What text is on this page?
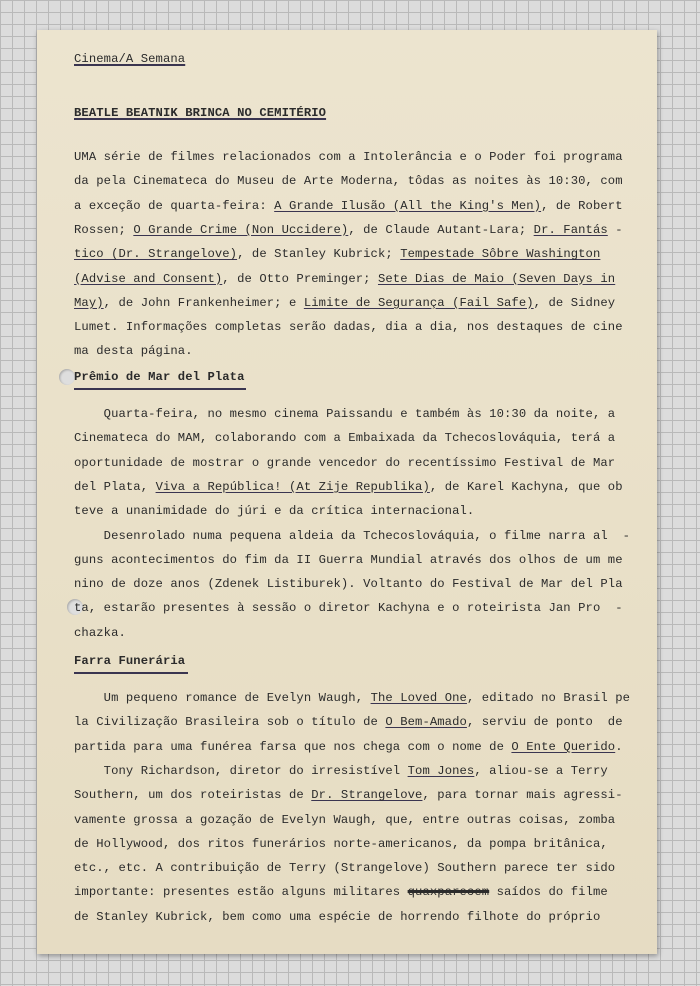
Cinema/A Semana
BEATLE BEATNIK BRINCA NO CEMITÉRIO
UMA série de filmes relacionados com a Intolerância e o Poder foi programa
da pela Cinemateca do Museu de Arte Moderna, tôdas as noites às 10:30, com
a exceção de quarta-feira: A Grande Ilusão (All the King's Men), de Robert
Rossen; O Grande Crime (Non Uccidere), de Claude Autant-Lara; Dr. Fantás -
tico (Dr. Strangelove), de Stanley Kubrick; Tempestade Sôbre Washington
(Advise and Consent), de Otto Preminger; Sete Dias de Maio (Seven Days in
May), de John Frankenheimer; e Limite de Segurança (Fail Safe), de Sidney
Lumet. Informações completas serão dadas, dia a dia, nos destaques de cine
ma desta página.
Prêmio de Mar del Plata
Quarta-feira, no mesmo cinema Paissandu e também às 10:30 da noite, a
Cinemateca do MAM, colaborando com a Embaixada da Tchecoslováquia, terá a
oportunidade de mostrar o grande vencedor do recentíssimo Festival de Mar
del Plata, Viva a República! (At Zije Republika), de Karel Kachyna, que ob
teve a unanimidade do júri e da crítica internacional.
Desenrolado numa pequena aldeia da Tchecoslováquia, o filme narra al  -
guns acontecimentos do fim da II Guerra Mundial através dos olhos de um me
nino de doze anos (Zdenek Listiburek). Voltanto do Festival de Mar del Pla
ta, estarão presentes à sessão o diretor Kachyna e o roteirista Jan Pro  -
chazka.
Farra Funerária
Um pequeno romance de Evelyn Waugh, The Loved One, editado no Brasil pe
la Civilização Brasileira sob o título de O Bem-Amado, serviu de ponto  de
partida para uma funérea farsa que nos chega com o nome de O Ente Querido.
Tony Richardson, diretor do irresistível Tom Jones, aliou-se a Terry
Southern, um dos roteiristas de Dr. Strangelove, para tornar mais agressi-
vamente grossa a gozação de Evelyn Waugh, que, entre outras coisas, zomba
de Hollywood, dos ritos funerários norte-americanos, da pompa britânica,
etc., etc. A contribuição de Terry (Strangelove) Southern parece ter sido
importante: presentes estão alguns militares quaxparecem saídos do filme
de Stanley Kubrick, bem como uma espécie de horrendo filhote do próprio
